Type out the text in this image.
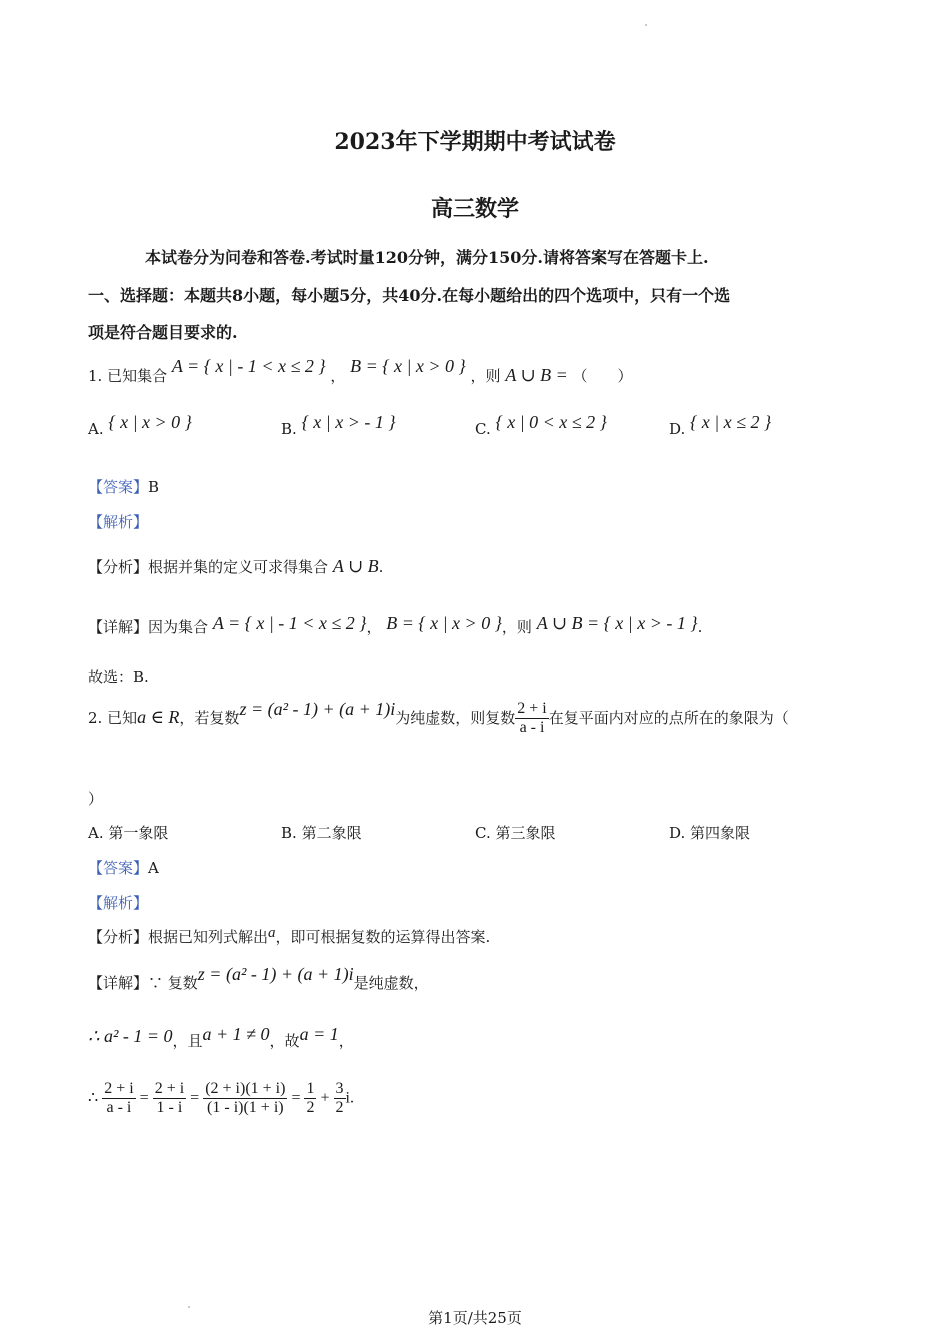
2023年下学期期中考试试卷
高三数学
本试卷分为问卷和答卷.考试时量120分钟，满分150分.请将答案写在答题卡上.
一、选择题：本题共8小题，每小题5分，共40分.在每小题给出的四个选项中，只有一个选
项是符合题目要求的.
1. 已知集合 A = { x | - 1 < x ≤ 2 } ， B = { x | x > 0 } ，则 A ∪ B = （　　）
A. { x | x > 0 }	B. { x | x > - 1 }	C. { x | 0 < x ≤ 2 }	D. { x | x ≤ 2 }
【答案】B
【解析】
【分析】根据并集的定义可求得集合 A ∪ B.
【详解】因为集合 A = { x | - 1 < x ≤ 2 }， B = { x | x > 0 }，则 A ∪ B = { x | x > - 1 }.
故选：B.
2. 已知a ∈ R，若复数z = (a² - 1) + (a + 1)i为纯虚数，则复数 $\frac{2 + i}{a - i}$ 在复平面内对应的点所在的象限为（
）
A. 第一象限	B. 第二象限	C. 第三象限	D. 第四象限
【答案】A
【解析】
【分析】根据已知列式解出a，即可根据复数的运算得出答案.
【详解】∵ 复数z = (a² - 1) + (a + 1)i是纯虚数，
∴ a² - 1 = 0，且a + 1 ≠ 0，故a = 1，
∴ $\frac{2 + i}{a - i} = \frac{2 + i}{1 - i} = \frac{(2 + i)(1 + i)}{(1 - i)(1 + i)} = \frac{1}{2} + \frac{3}{2} i$.
第1页/共25页
